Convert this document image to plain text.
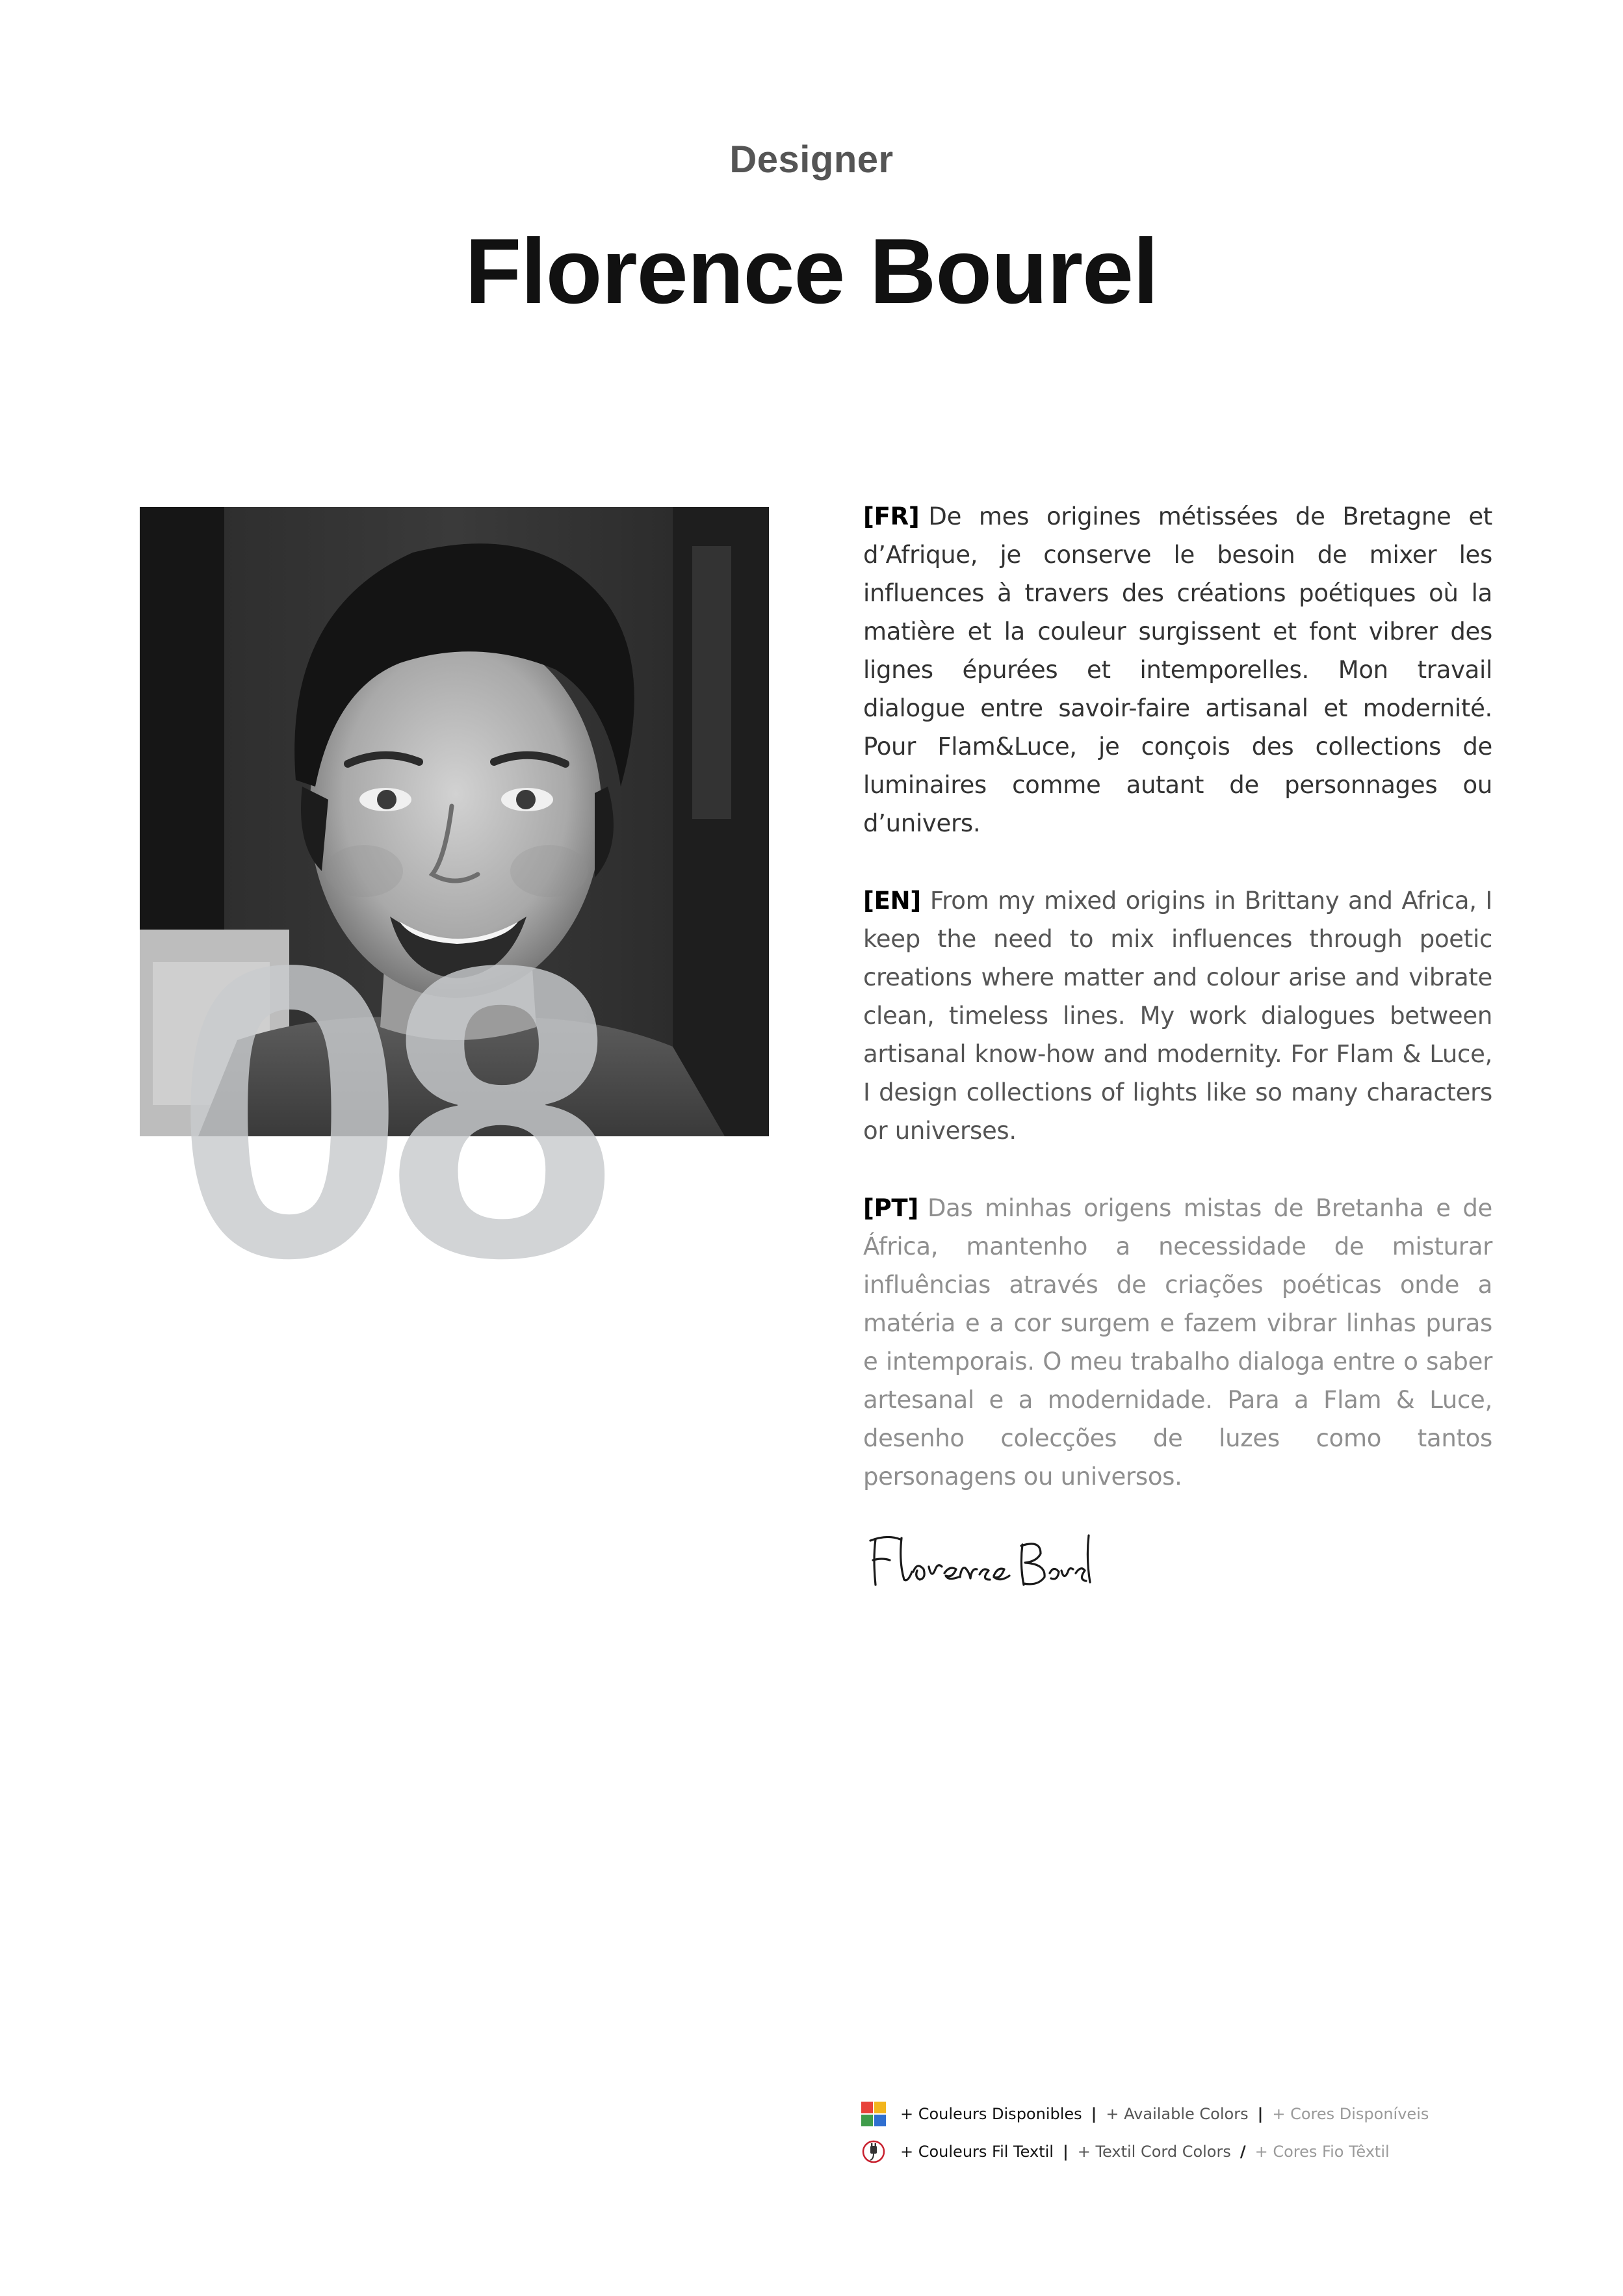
Designer
Florence Bourel
08

[FR] De mes origines métissées de Bretagne et d’Afrique, je conserve le besoin de mixer les influences à travers des créations poétiques où la matière et la couleur surgissent et font vibrer des lignes épurées et intemporelles. Mon travail dialogue entre savoir-faire artisanal et modernité. Pour Flam&Luce, je conçois des collections de luminaires comme autant de personnages ou d’univers.

[EN] From my mixed origins in Brittany and Africa, I keep the need to mix influences through poetic creations where matter and colour arise and vibrate clean, timeless lines. My work dialogues between artisanal know-how and modernity. For Flam & Luce, I design collections of lights like so many characters or universes.

[PT] Das minhas origens mistas de Bretanha e de África, mantenho a necessidade de misturar influências através de criações poéticas onde a matéria e a cor surgem e fazem vibrar linhas puras e intemporais. O meu trabalho dialoga entre o saber artesanal e a modernidade. Para a Flam & Luce, desenho colecções de luzes como tantos personagens ou universos.

+ Couleurs Disponibles | + Available Colors | + Cores Disponíveis
+ Couleurs Fil Textil | + Textil Cord Colors / + Cores Fio Têxtil
